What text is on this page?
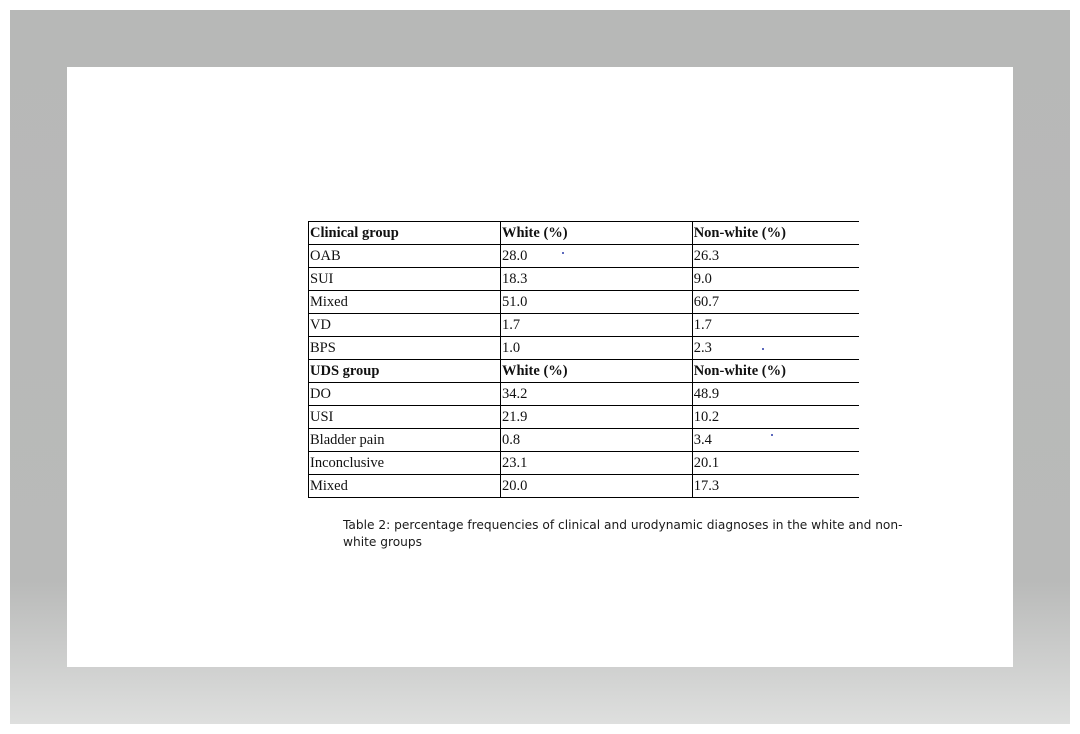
Clinical group	White (%)	Non-white (%)
OAB	28.0	26.3
SUI	18.3	9.0
Mixed	51.0	60.7
VD	1.7	1.7
BPS	1.0	2.3
UDS group	White (%)	Non-white (%)
DO	34.2	48.9
USI	21.9	10.2
Bladder pain	0.8	3.4
Inconclusive	23.1	20.1
Mixed	20.0	17.3
Table 2: percentage frequencies of clinical and urodynamic diagnoses in the white and non-white groups
